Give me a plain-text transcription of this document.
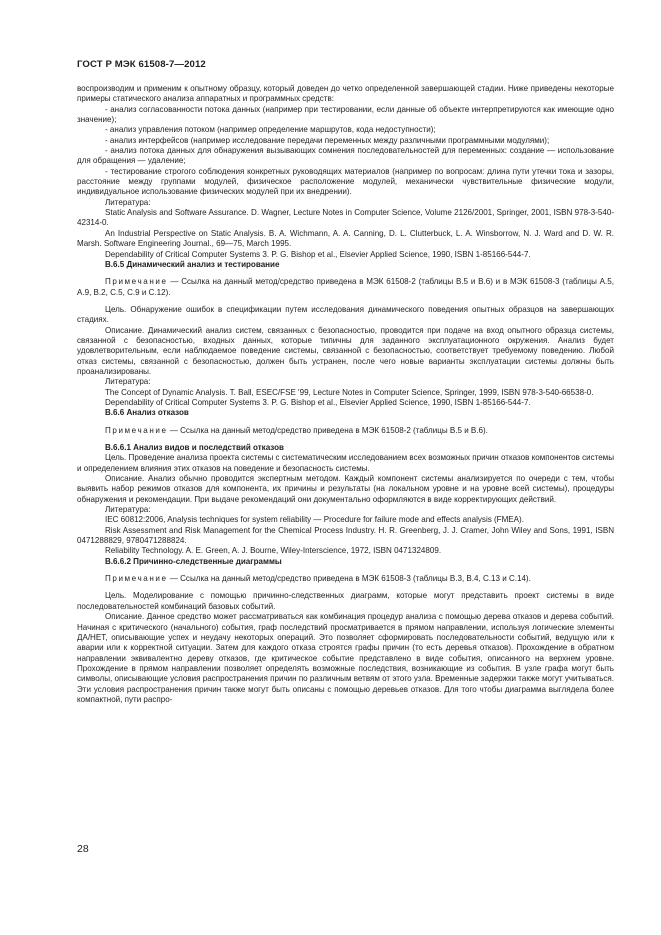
ГОСТ Р МЭК 61508-7—2012

воспроизводим и применим к опытному образцу, который доведен до четко определенной завершающей стадии. Ниже приведены некоторые примеры статического анализа аппаратных и программных средств:

- анализ согласованности потока данных (например при тестировании, если данные об объекте интерпретируются как имеющие одно значение);

- анализ управления потоком (например определение маршрутов, кода недоступности);

- анализ интерфейсов (например исследование передачи переменных между различными программными модулями);

- анализ потока данных для обнаружения вызывающих сомнения последовательностей для переменных: создание — использование для обращения — удаление;

- тестирование строгого соблюдения конкретных руководящих материалов (например по вопросам: длина пути утечки тока и зазоры, расстояние между группами модулей, физическое расположение модулей, механически чувствительные физические модули, индивидуальное использование физических модулей при их внедрении).

Литература:

Static Analysis and Software Assurance. D. Wagner, Lecture Notes in Computer Science, Volume 2126/2001, Springer, 2001, ISBN 978-3-540-42314-0.

An Industrial Perspective on Static Analysis. B. A. Wichmann, A. A. Canning, D. L. Clutterbuck, L. A. Winsborrow, N. J. Ward and D. W. R. Marsh. Software Engineering Journal., 69—75, March 1995.

Dependability of Critical Computer Systems 3. P. G. Bishop et al., Elsevier Applied Science, 1990, ISBN 1-85166-544-7.

В.6.5 Динамический анализ и тестирование

Примечание — Ссылка на данный метод/средство приведена в МЭК 61508-2 (таблицы В.5 и В.6) и в МЭК 61508-3 (таблицы А.5, А.9, В.2, С.5, С.9 и С.12).

Цель. Обнаружение ошибок в спецификации путем исследования динамического поведения опытных образцов на завершающих стадиях.

Описание. Динамический анализ систем, связанных с безопасностью, проводится при подаче на вход опытного образца системы, связанной с безопасностью, входных данных, которые типичны для заданного эксплуатационного окружения. Анализ будет удовлетворительным, если наблюдаемое поведение системы, связанной с безопасностью, соответствует требуемому поведению. Любой отказ системы, связанной с безопасностью, должен быть устранен, после чего новые варианты эксплуатации системы должны быть проанализированы.

Литература:

The Concept of Dynamic Analysis. T. Ball, ESEC/FSE '99, Lecture Notes in Computer Science, Springer, 1999, ISBN 978-3-540-66538-0.

Dependability of Critical Computer Systems 3. P. G. Bishop et al., Elsevier Applied Science, 1990, ISBN 1-85166-544-7.

В.6.6 Анализ отказов

Примечание — Ссылка на данный метод/средство приведена в МЭК 61508-2 (таблицы В.5 и В.6).

В.6.6.1 Анализ видов и последствий отказов

Цель. Проведение анализа проекта системы с систематическим исследованием всех возможных причин отказов компонентов системы и определением влияния этих отказов на поведение и безопасность системы.

Описание. Анализ обычно проводится экспертным методом. Каждый компонент системы анализируется по очереди с тем, чтобы выявить набор режимов отказов для компонента, их причины и результаты (на локальном уровне и на уровне всей системы), процедуры обнаружения и рекомендации. При выдаче рекомендаций они документально оформляются в виде корректирующих действий.

Литература:

IEC 60812:2006, Analysis techniques for system reliability — Procedure for failure mode and effects analysis (FMEA).

Risk Assessment and Risk Management for the Chemical Process Industry. H. R. Greenberg, J. J. Cramer, John Wiley and Sons, 1991, ISBN 0471288829, 9780471288824.

Reliability Technology. A. E. Green, A. J. Bourne, Wiley-Interscience, 1972, ISBN 0471324809.

В.6.6.2 Причинно-следственные диаграммы

Примечание — Ссылка на данный метод/средство приведена в МЭК 61508-3 (таблицы В.3, В.4, С.13 и С.14).

Цель. Моделирование с помощью причинно-следственных диаграмм, которые могут представить проект системы в виде последовательностей комбинаций базовых событий.

Описание. Данное средство может рассматриваться как комбинация процедур анализа с помощью дерева отказов и дерева событий. Начиная с критического (начального) события, граф последствий просматривается в прямом направлении, используя логические элементы ДА/НЕТ, описывающие успех и неудачу некоторых операций. Это позволяет сформировать последовательности событий, ведущую или к аварии или к корректной ситуации. Затем для каждого отказа строятся графы причин (то есть деревья отказов). Прохождение в обратном направлении эквивалентно дереву отказов, где критическое событие представлено в виде события, описанного на верхнем уровне. Прохождение в прямом направлении позволяет определять возможные последствия, возникающие из события. В узле графа могут быть символы, описывающие условия распространения причин по различным ветвям от этого узла. Временные задержки также могут учитываться. Эти условия распространения причин также могут быть описаны с помощью деревьев отказов. Для того чтобы диаграмма выглядела более компактной, пути распро-

28
